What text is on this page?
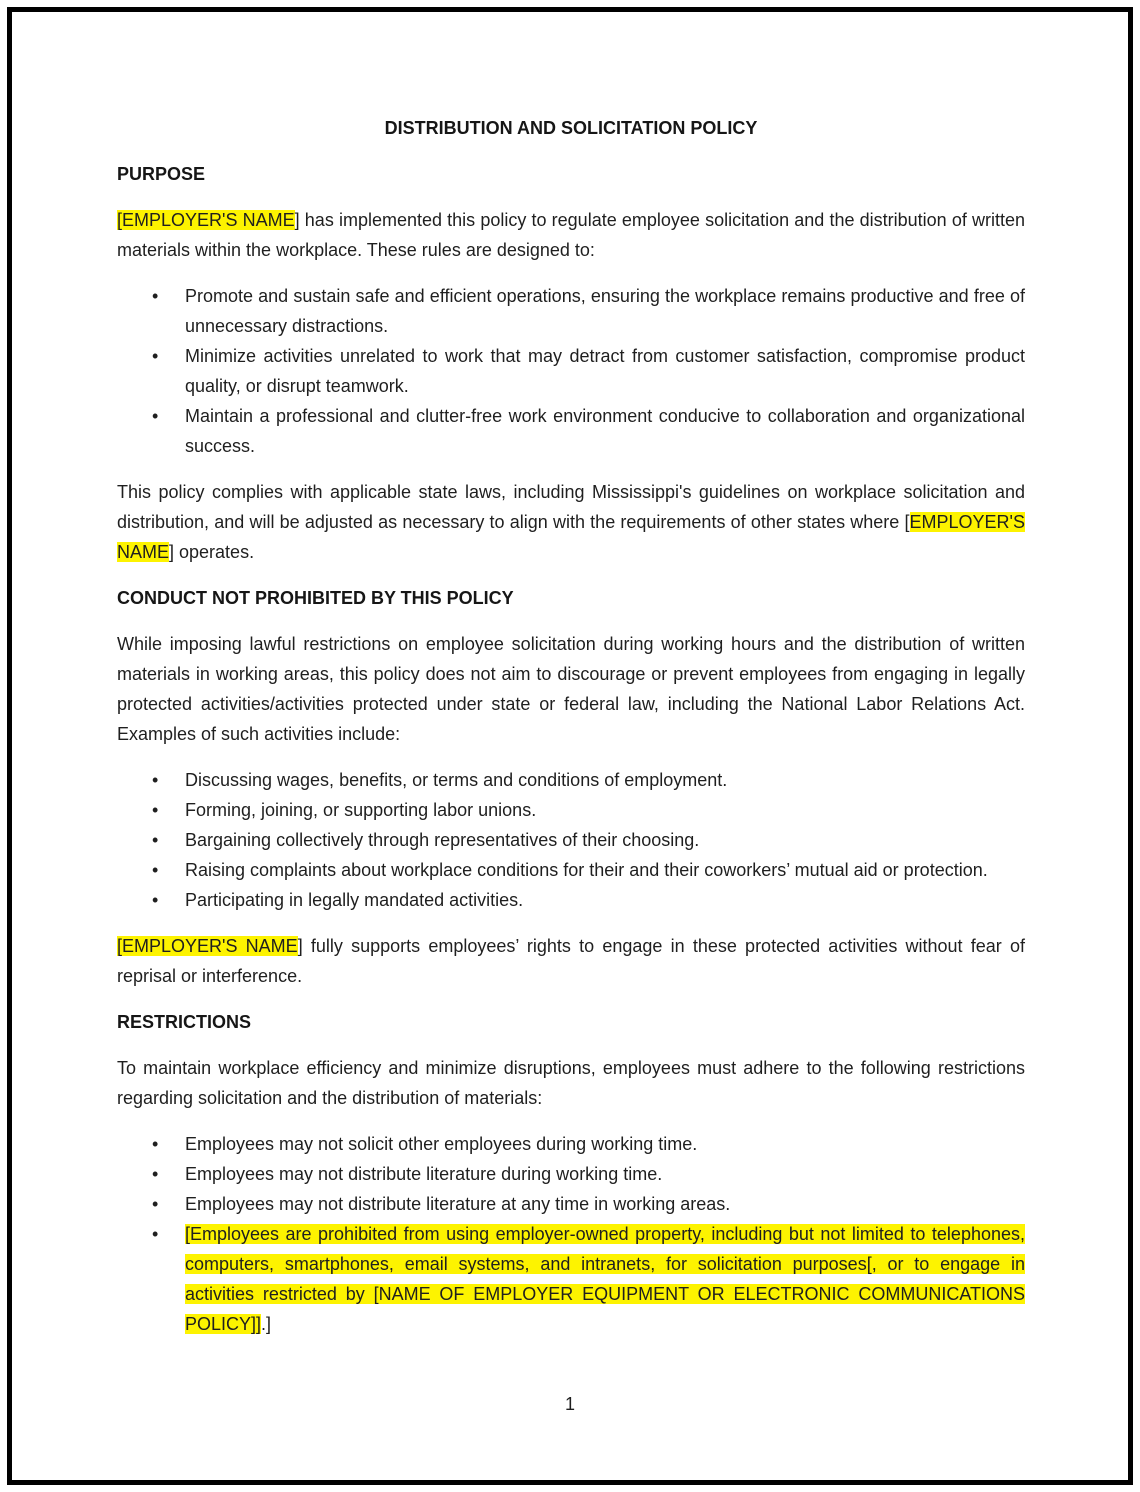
DISTRIBUTION AND SOLICITATION POLICY
PURPOSE

[EMPLOYER'S NAME] has implemented this policy to regulate employee solicitation and the distribution of written materials within the workplace. These rules are designed to:

• Promote and sustain safe and efficient operations, ensuring the workplace remains productive and free of unnecessary distractions.
• Minimize activities unrelated to work that may detract from customer satisfaction, compromise product quality, or disrupt teamwork.
• Maintain a professional and clutter-free work environment conducive to collaboration and organizational success.

This policy complies with applicable state laws, including Mississippi's guidelines on workplace solicitation and distribution, and will be adjusted as necessary to align with the requirements of other states where [EMPLOYER'S NAME] operates.

CONDUCT NOT PROHIBITED BY THIS POLICY

While imposing lawful restrictions on employee solicitation during working hours and the distribution of written materials in working areas, this policy does not aim to discourage or prevent employees from engaging in legally protected activities/activities protected under state or federal law, including the National Labor Relations Act. Examples of such activities include:

• Discussing wages, benefits, or terms and conditions of employment.
• Forming, joining, or supporting labor unions.
• Bargaining collectively through representatives of their choosing.
• Raising complaints about workplace conditions for their and their coworkers’ mutual aid or protection.
• Participating in legally mandated activities.

[EMPLOYER'S NAME] fully supports employees’ rights to engage in these protected activities without fear of reprisal or interference.

RESTRICTIONS

To maintain workplace efficiency and minimize disruptions, employees must adhere to the following restrictions regarding solicitation and the distribution of materials:

• Employees may not solicit other employees during working time.
• Employees may not distribute literature during working time.
• Employees may not distribute literature at any time in working areas.
• [Employees are prohibited from using employer-owned property, including but not limited to telephones, computers, smartphones, email systems, and intranets, for solicitation purposes[, or to engage in activities restricted by [NAME OF EMPLOYER EQUIPMENT OR ELECTRONIC COMMUNICATIONS POLICY]].]
1
